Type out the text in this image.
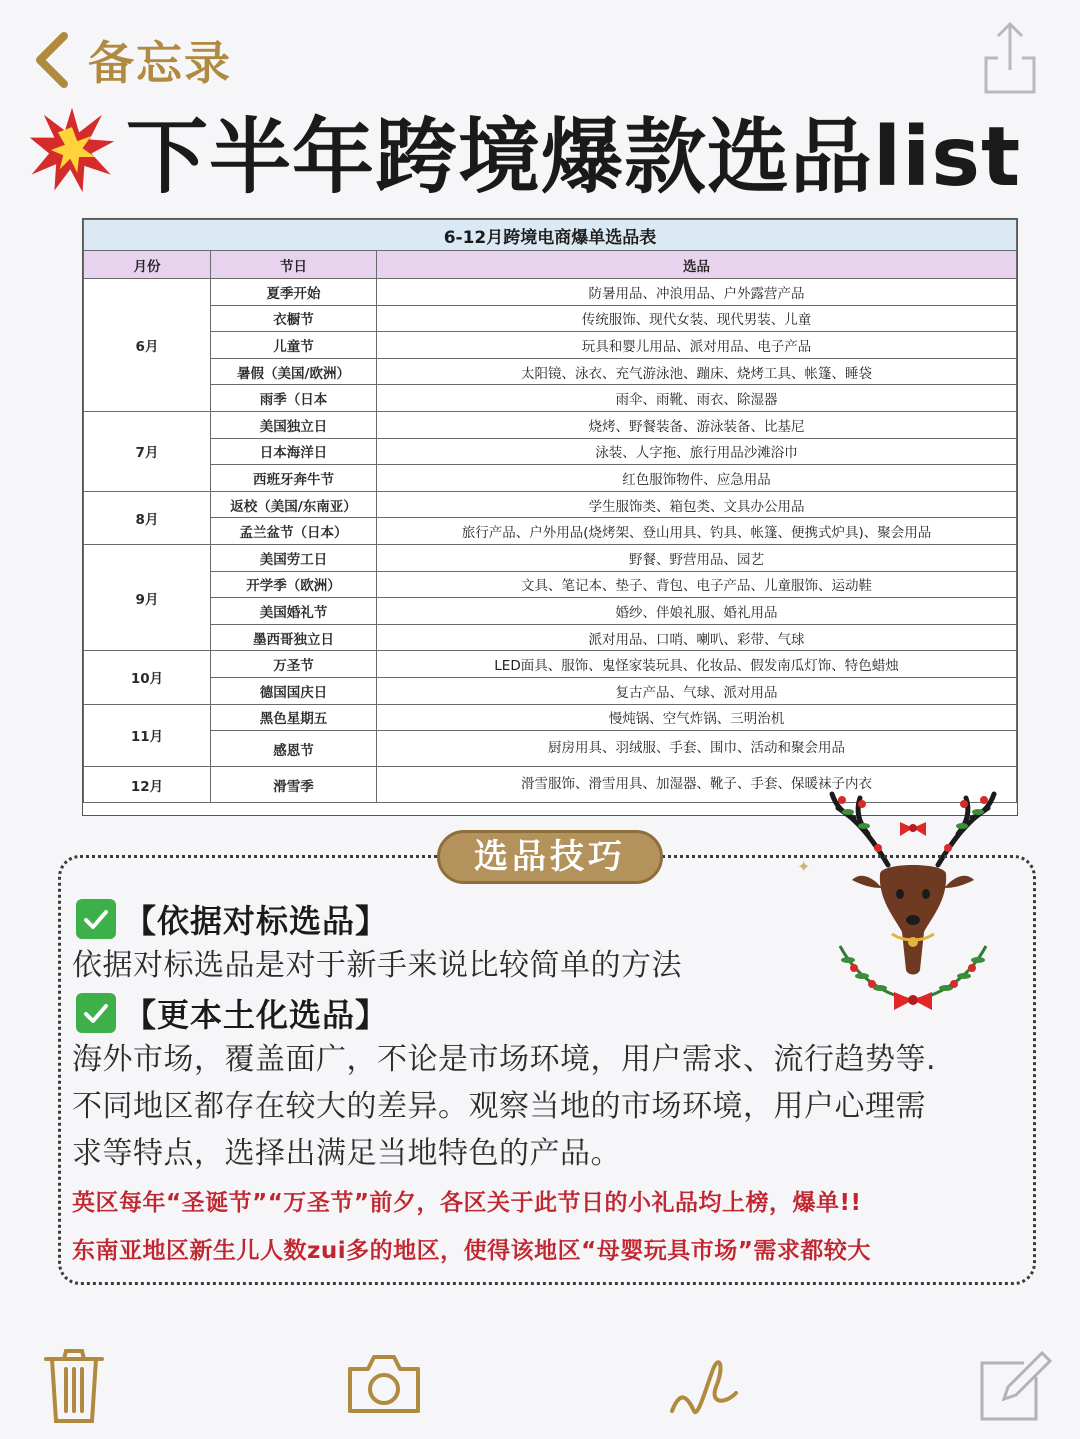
备忘录
下半年跨境爆款选品list
6-12月跨境电商爆单选品表		
月份	节日	选品
6月	夏季开始	防暑用品、冲浪用品、户外露营产品
	衣橱节	传统服饰、现代女装、现代男装、儿童
	儿童节	玩具和婴儿用品、派对用品、电子产品
	暑假（美国/欧洲）	太阳镜、泳衣、充气游泳池、蹦床、烧烤工具、帐篷、睡袋
	雨季（日本	雨伞、雨靴、雨衣、除湿器
7月	美国独立日	烧烤、野餐装备、游泳装备、比基尼
	日本海洋日	泳装、人字拖、旅行用品沙滩浴巾
	西班牙奔牛节	红色服饰物件、应急用品
8月	返校（美国/东南亚）	学生服饰类、箱包类、文具办公用品
	孟兰盆节（日本）	旅行产品、户外用品(烧烤架、登山用具、钓具、帐篷、便携式炉具)、聚会用品
9月	美国劳工日	野餐、野营用品、园艺
	开学季（欧洲）	文具、笔记本、垫子、背包、电子产品、儿童服饰、运动鞋
	美国婚礼节	婚纱、伴娘礼服、婚礼用品
	墨西哥独立日	派对用品、口哨、喇叭、彩带、气球
10月	万圣节	LED面具、服饰、鬼怪家装玩具、化妆品、假发南瓜灯饰、特色蜡烛
	德国国庆日	复古产品、气球、派对用品
11月	黑色星期五	慢炖锅、空气炸锅、三明治机
	感恩节	厨房用具、羽绒服、手套、围巾、活动和聚会用品
12月	滑雪季	滑雪服饰、滑雪用具、加湿器、靴子、手套、保暖袜子内衣
✦
选品技巧
【依据对标选品】
依据对标选品是对于新手来说比较简单的方法
【更本土化选品】
海外市场，覆盖面广，不论是市场环境，用户需求、流行趋势等.
不同地区都存在较大的差异。观察当地的市场环境，用户心理需
求等特点，选择出满足当地特色的产品。
英区每年“圣诞节”“万圣节”前夕，各区关于此节日的小礼品均上榜，爆单!!
东南亚地区新生儿人数zui多的地区，使得该地区“母婴玩具市场”需求都较大
